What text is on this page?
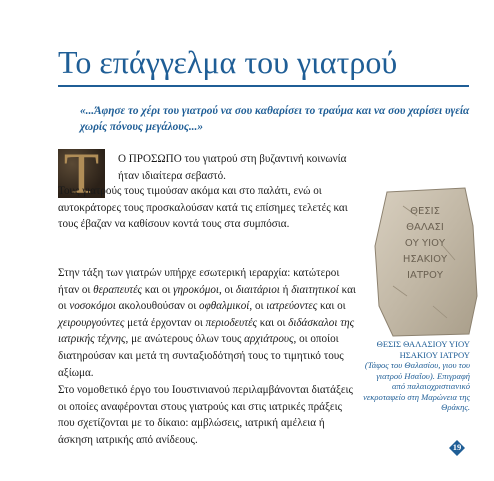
Το επάγγελμα του γιατρού
«...Άφησε το χέρι του γιατρού να σου καθαρίσει το τραύμα και να σου χαρίσει υγεία χωρίς πόνους μεγάλους...»
Τ	Ο ΠΡΟΣΩΠΟ του γιατρού στη βυζαντινή κοινωνία ήταν ιδιαίτερα σεβαστό.
Τους γιατρούς τους τιμούσαν ακόμα και στο παλάτι, ενώ οι αυτοκράτορες τους προσκαλούσαν κατά τις επίσημες τελετές και τους έβαζαν να καθίσουν κοντά τους στα συμπόσια.
Στην τάξη των γιατρών υπήρχε εσωτερική ιεραρχία: κατώτεροι ήταν οι θεραπευτές και οι γηροκόμοι, οι διαιτάριοι ή διαιτητικοί και οι νοσοκόμοι ακολουθούσαν οι οφθαλμικοί, οι ιατρεύοντες και οι χειρουργούντες μετά έρχονταν οι περιοδευτές και οι διδάσκαλοι της ιατρικής τέχνης, με ανώτερους όλων τους αρχιάτρους, οι οποίοι διατηρούσαν και μετά τη συνταξιοδότησή τους το τιμητικό τους αξίωμα.
Στο νομοθετικό έργο του Ιουστινιανού περιλαμβάνονται διατάξεις οι οποίες αναφέρονται στους γιατρούς και στις ιατρικές πράξεις που σχετίζονται με το δίκαιο: αμβλώσεις, ιατρική αμέλεια ή άσκηση ιατρικής από ανίδεους.
ΘΕΣΙΣ
ΘΑΛΑΣΙ
ΟΥ ΥΙΟΥ
ΗΣΑΚΙΟΥ
ΙΑΤΡΟΥ
ΘΕΣΙΣ ΘΑΛΑΣΙΟΥ ΥΙΟΥ ΗΣΑΚΙΟΥ ΙΑΤΡΟΥ
(Τάφος του Θαλασίου, γιου του γιατρού Ησαΐου). Επιγραφή από παλαιοχριστιανικό νεκροταφείο στη Μαρώνεια της Θράκης.
19
